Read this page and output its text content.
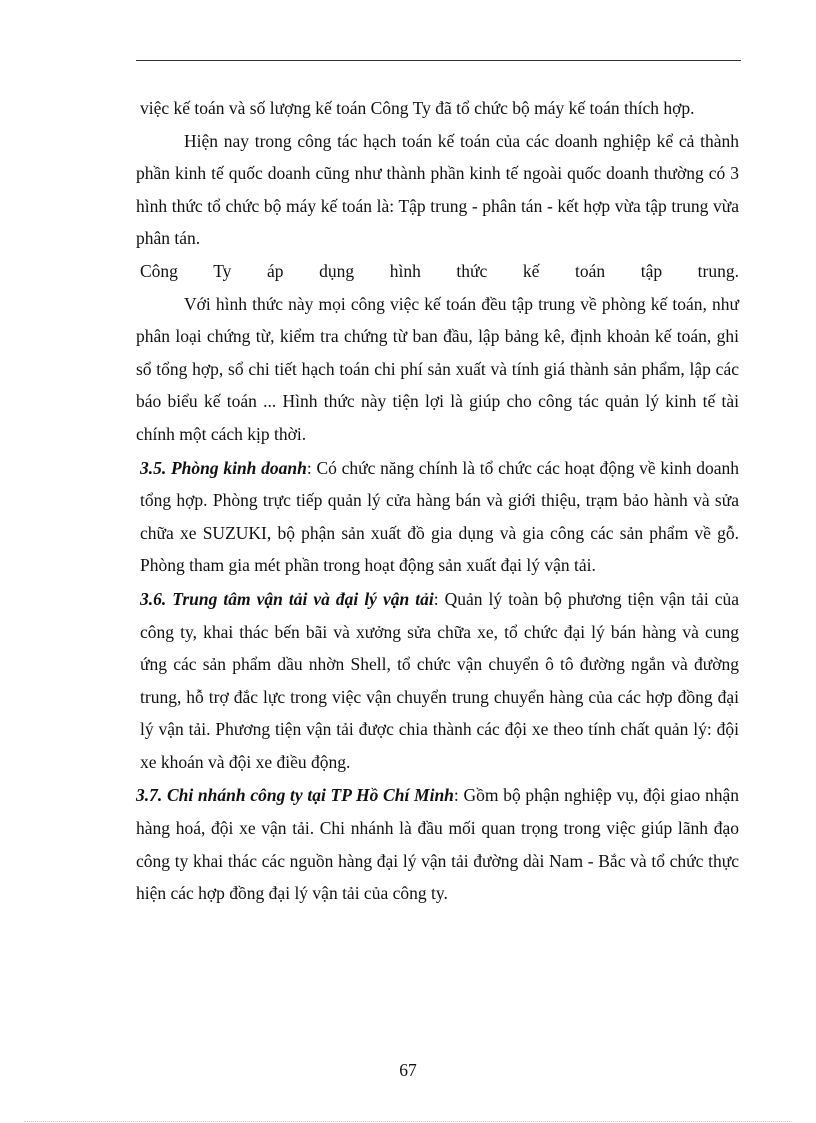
việc kế toán và số lượng kế toán Công Ty đã tổ chức bộ máy kế toán thích hợp.

Hiện nay trong công tác hạch toán kế toán của các doanh nghiệp kể cả thành phần kinh tế quốc doanh cũng như thành phần kinh tế ngoài quốc doanh thường có 3 hình thức tổ chức bộ máy kế toán là: Tập trung - phân tán - kết hợp vừa tập trung vừa phân tán.

Công Ty áp dụng hình thức kế toán tập trung.

Với hình thức này mọi công việc kế toán đều tập trung về phòng kế toán, như phân loại chứng từ, kiểm tra chứng từ ban đầu, lập bảng kê, định khoản kế toán, ghi sổ tổng hợp, sổ chi tiết hạch toán chi phí sản xuất và tính giá thành sản phẩm, lập các báo biểu kế toán ... Hình thức này tiện lợi là giúp cho công tác quản lý kinh tế tài chính một cách kịp thời.

3.5. Phòng kinh doanh: Có chức năng chính là tổ chức các hoạt động về kinh doanh tổng hợp. Phòng trực tiếp quản lý cửa hàng bán và giới thiệu, trạm bảo hành và sửa chữa xe SUZUKI, bộ phận sản xuất đồ gia dụng và gia công các sản phẩm về gỗ. Phòng tham gia mét phần trong hoạt động sản xuất đại lý vận tải.

3.6. Trung tâm vận tải và đại lý vận tải: Quản lý toàn bộ phương tiện vận tải của công ty, khai thác bến bãi và xưởng sửa chữa xe, tổ chức đại lý bán hàng và cung ứng các sản phẩm dầu nhờn Shell, tổ chức vận chuyển ô tô đường ngắn và đường trung, hỗ trợ đắc lực trong việc vận chuyển trung chuyển hàng của các hợp đồng đại lý vận tải. Phương tiện vận tải được chia thành các đội xe theo tính chất quản lý: đội xe khoán và đội xe điều động.

3.7. Chi nhánh công ty tại TP Hồ Chí Minh: Gồm bộ phận nghiệp vụ, đội giao nhận hàng hoá, đội xe vận tải. Chi nhánh là đầu mối quan trọng trong việc giúp lãnh đạo công ty khai thác các nguồn hàng đại lý vận tải đường dài Nam - Bắc và tổ chức thực hiện các hợp đồng đại lý vận tải của công ty.

67
